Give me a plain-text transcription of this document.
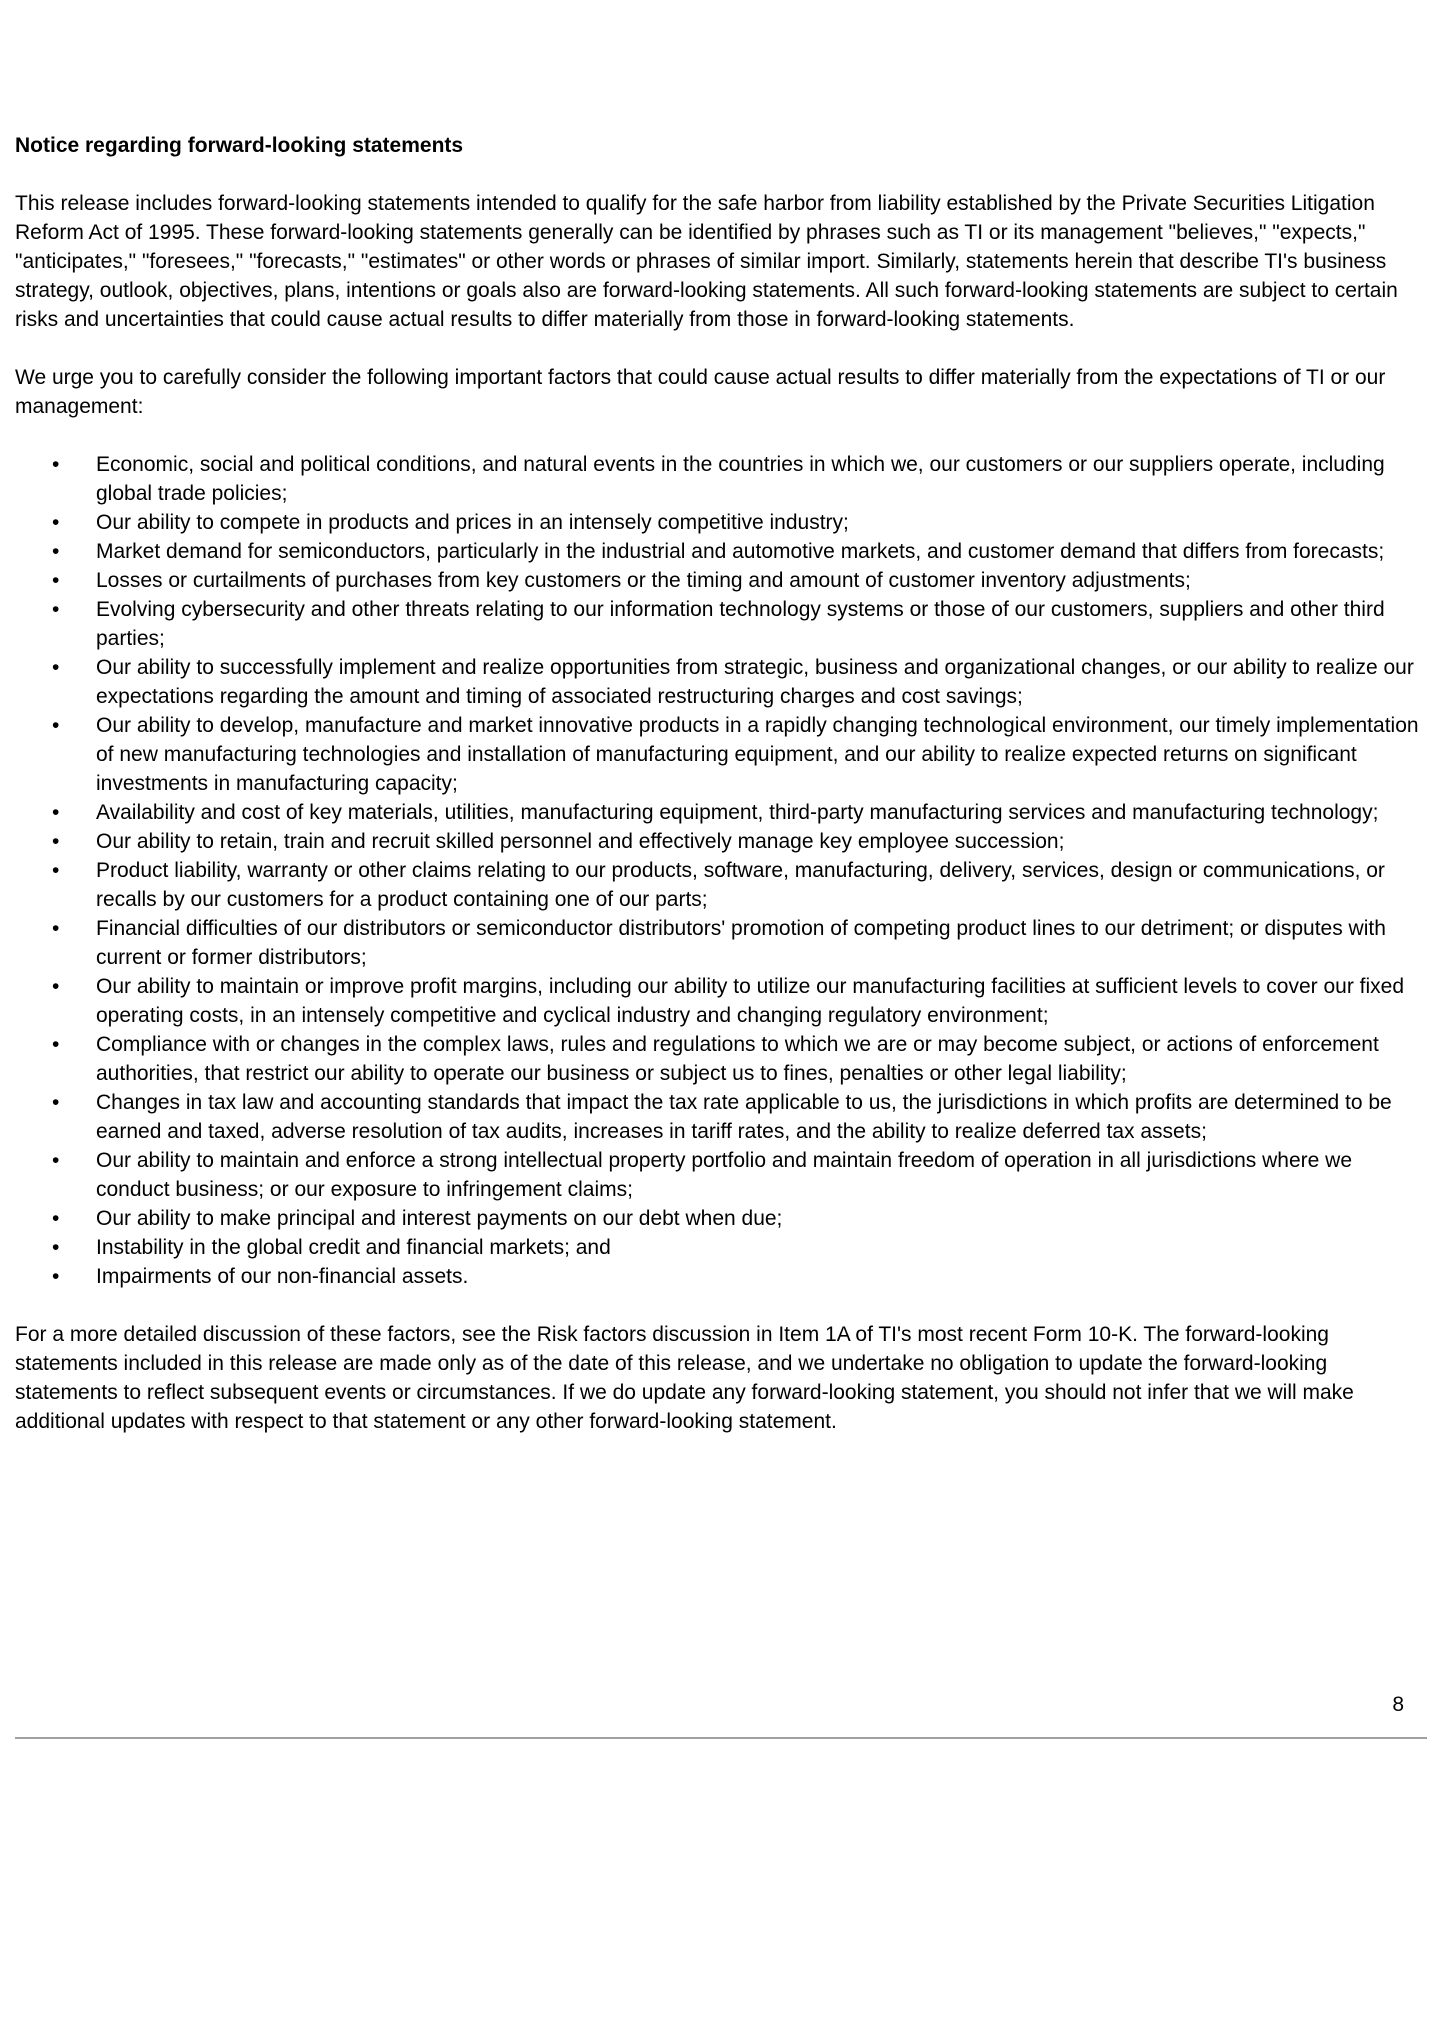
Notice regarding forward-looking statements

This release includes forward-looking statements intended to qualify for the safe harbor from liability established by the Private Securities Litigation Reform Act of 1995. These forward-looking statements generally can be identified by phrases such as TI or its management "believes," "expects," "anticipates," "foresees," "forecasts," "estimates" or other words or phrases of similar import. Similarly, statements herein that describe TI's business strategy, outlook, objectives, plans, intentions or goals also are forward-looking statements. All such forward-looking statements are subject to certain risks and uncertainties that could cause actual results to differ materially from those in forward-looking statements.

We urge you to carefully consider the following important factors that could cause actual results to differ materially from the expectations of TI or our management:

• Economic, social and political conditions, and natural events in the countries in which we, our customers or our suppliers operate, including global trade policies;
• Our ability to compete in products and prices in an intensely competitive industry;
• Market demand for semiconductors, particularly in the industrial and automotive markets, and customer demand that differs from forecasts;
• Losses or curtailments of purchases from key customers or the timing and amount of customer inventory adjustments;
• Evolving cybersecurity and other threats relating to our information technology systems or those of our customers, suppliers and other third parties;
• Our ability to successfully implement and realize opportunities from strategic, business and organizational changes, or our ability to realize our expectations regarding the amount and timing of associated restructuring charges and cost savings;
• Our ability to develop, manufacture and market innovative products in a rapidly changing technological environment, our timely implementation of new manufacturing technologies and installation of manufacturing equipment, and our ability to realize expected returns on significant investments in manufacturing capacity;
• Availability and cost of key materials, utilities, manufacturing equipment, third-party manufacturing services and manufacturing technology;
• Our ability to retain, train and recruit skilled personnel and effectively manage key employee succession;
• Product liability, warranty or other claims relating to our products, software, manufacturing, delivery, services, design or communications, or recalls by our customers for a product containing one of our parts;
• Financial difficulties of our distributors or semiconductor distributors' promotion of competing product lines to our detriment; or disputes with current or former distributors;
• Our ability to maintain or improve profit margins, including our ability to utilize our manufacturing facilities at sufficient levels to cover our fixed operating costs, in an intensely competitive and cyclical industry and changing regulatory environment;
• Compliance with or changes in the complex laws, rules and regulations to which we are or may become subject, or actions of enforcement authorities, that restrict our ability to operate our business or subject us to fines, penalties or other legal liability;
• Changes in tax law and accounting standards that impact the tax rate applicable to us, the jurisdictions in which profits are determined to be earned and taxed, adverse resolution of tax audits, increases in tariff rates, and the ability to realize deferred tax assets;
• Our ability to maintain and enforce a strong intellectual property portfolio and maintain freedom of operation in all jurisdictions where we conduct business; or our exposure to infringement claims;
• Our ability to make principal and interest payments on our debt when due;
• Instability in the global credit and financial markets; and
• Impairments of our non-financial assets.

For a more detailed discussion of these factors, see the Risk factors discussion in Item 1A of TI's most recent Form 10-K. The forward-looking statements included in this release are made only as of the date of this release, and we undertake no obligation to update the forward-looking statements to reflect subsequent events or circumstances. If we do update any forward-looking statement, you should not infer that we will make additional updates with respect to that statement or any other forward-looking statement.

8
